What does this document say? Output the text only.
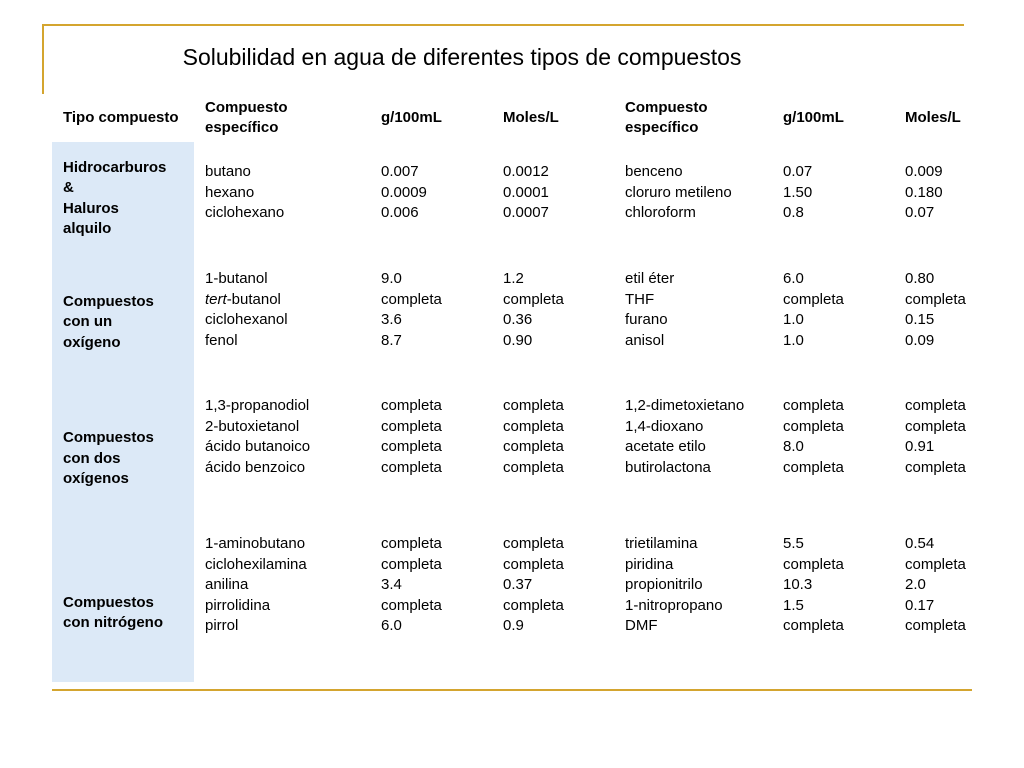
Solubilidad en agua de diferentes tipos de compuestos
Tipo compuesto	Compuesto específico	g/100mL	Moles/L	Compuesto específico	g/100mL	Moles/L

Hidrocarburos
&
Haluros
alquilo	butano
hexano
ciclohexano	0.007
0.0009
0.006	0.0012
0.0001
0.0007	benceno
cloruro metileno
chloroform	0.07
1.50
0.8	0.009
0.180
0.07

Compuestos
con un
oxígeno	1-butanol
tert-butanol
ciclohexanol
fenol	9.0
completa
3.6
8.7	1.2
completa
0.36
0.90	etil éter
THF
furano
anisol	6.0
completa
1.0
1.0	0.80
completa
0.15
0.09

Compuestos
con dos
oxígenos	1,3-propanodiol
2-butoxietanol
ácido butanoico
ácido benzoico	completa
completa
completa
completa	completa
completa
completa
completa	1,2-dimetoxietano
1,4-dioxano
acetate etilo
butirolactona	completa
completa
8.0
completa	completa
completa
0.91
completa

Compuestos
con nitrógeno	1-aminobutano
ciclohexilamina
anilina
pirrolidina
pirrol	completa
completa
3.4
completa
6.0	completa
completa
0.37
completa
0.9	trietilamina
piridina
propionitrilo
1-nitropropano
DMF	5.5
completa
10.3
1.5
completa	0.54
completa
2.0
0.17
completa
